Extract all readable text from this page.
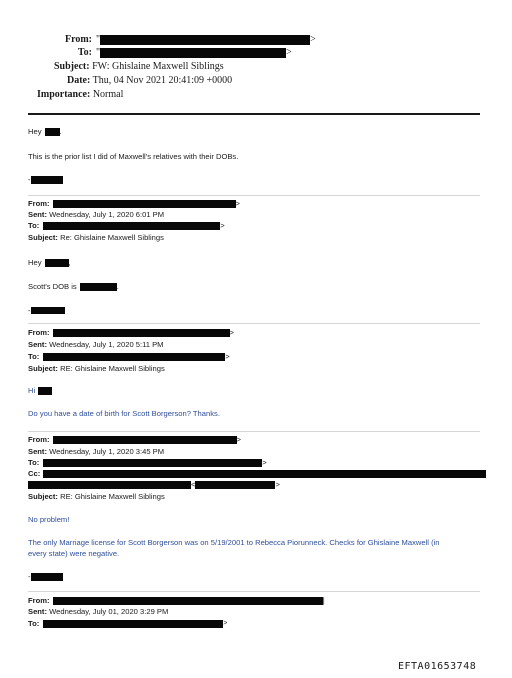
From: "	>
To: "	>
Subject: FW: Ghislaine Maxwell Siblings
Date: Thu, 04 Nov 2021 20:41:09 +0000
Importance: Normal
Hey .
This is the prior list I did of Maxwell's relatives with their DOBs.
-
From:	>
Sent: Wednesday, July 1, 2020 6:01 PM
To:	>
Subject: Re: Ghislaine Maxwell Siblings
Hey	,
Scott's DOB is	.
-
From:	>
Sent: Wednesday, July 1, 2020 5:11 PM
To:	>
Subject: RE: Ghislaine Maxwell Siblings
Hi
Do you have a date of birth for Scott Borgerson? Thanks.
From:	>
Sent: Wednesday, July 1, 2020 3:45 PM
To:	>
Cc:
<	>
Subject: RE: Ghislaine Maxwell Siblings
No problem!
The only Marriage license for Scott Borgerson was on 5/19/2001 to Rebecca Piorunneck. Checks for Ghislaine Maxwell (in
every state) were negative.
-
From:	]
Sent: Wednesday, July 01, 2020 3:29 PM
To:	>
EFTA01653748
